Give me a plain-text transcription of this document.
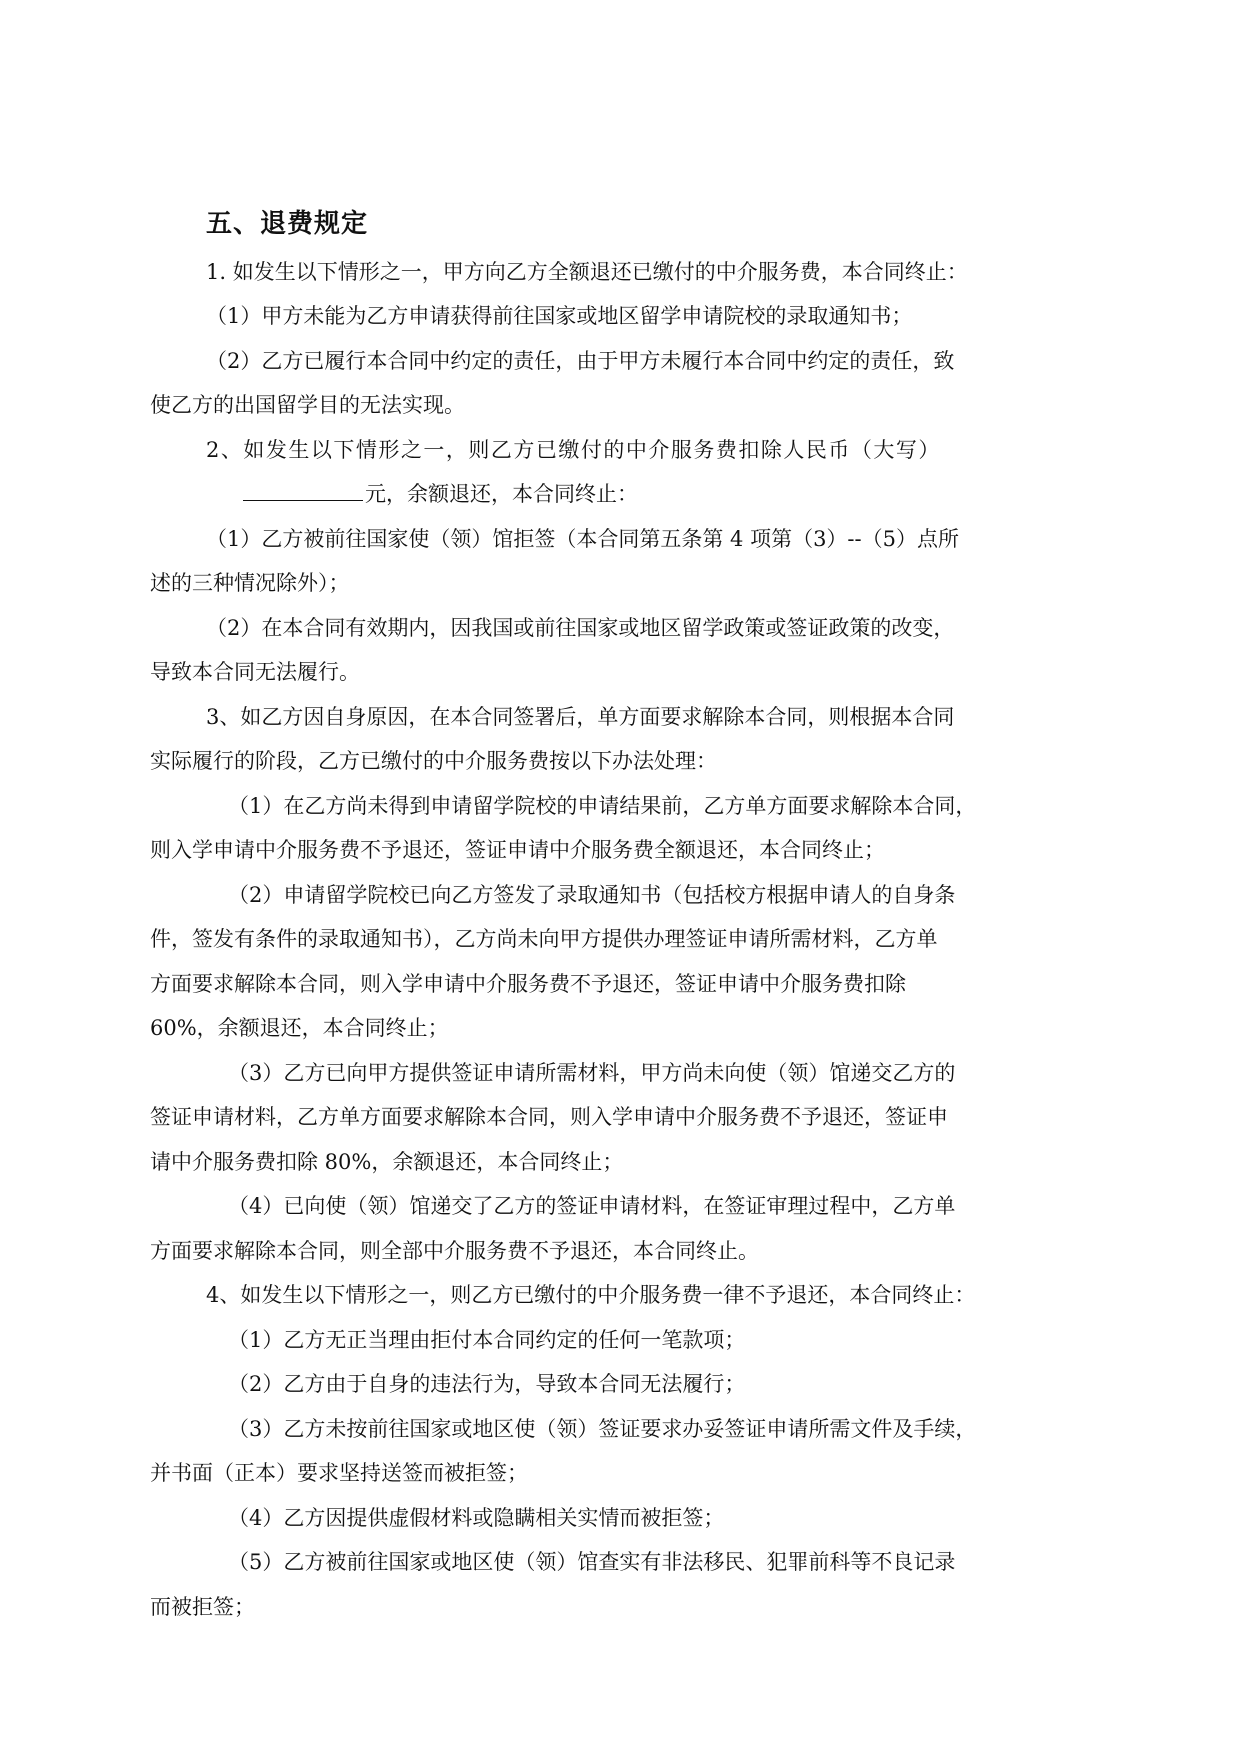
五、退费规定
1. 如发生以下情形之一，甲方向乙方全额退还已缴付的中介服务费，本合同终止：
（1）甲方未能为乙方申请获得前往国家或地区留学申请院校的录取通知书；
（2）乙方已履行本合同中约定的责任，由于甲方未履行本合同中约定的责任，致
使乙方的出国留学目的无法实现。
2、如发生以下情形之一，则乙方已缴付的中介服务费扣除人民币（大写）
元，余额退还，本合同终止：
（1）乙方被前往国家使（领）馆拒签（本合同第五条第 4 项第（3）--（5）点所
述的三种情况除外）；
（2）在本合同有效期内，因我国或前往国家或地区留学政策或签证政策的改变，
导致本合同无法履行。
3、如乙方因自身原因，在本合同签署后，单方面要求解除本合同，则根据本合同
实际履行的阶段，乙方已缴付的中介服务费按以下办法处理：
（1）在乙方尚未得到申请留学院校的申请结果前，乙方单方面要求解除本合同，
则入学申请中介服务费不予退还，签证申请中介服务费全额退还，本合同终止；
（2）申请留学院校已向乙方签发了录取通知书（包括校方根据申请人的自身条
件，签发有条件的录取通知书），乙方尚未向甲方提供办理签证申请所需材料，乙方单
方面要求解除本合同，则入学申请中介服务费不予退还，签证申请中介服务费扣除
60%，余额退还，本合同终止；
（3）乙方已向甲方提供签证申请所需材料，甲方尚未向使（领）馆递交乙方的
签证申请材料，乙方单方面要求解除本合同，则入学申请中介服务费不予退还，签证申
请中介服务费扣除 80%，余额退还，本合同终止；
（4）已向使（领）馆递交了乙方的签证申请材料，在签证审理过程中，乙方单
方面要求解除本合同，则全部中介服务费不予退还，本合同终止。
4、如发生以下情形之一，则乙方已缴付的中介服务费一律不予退还，本合同终止：
（1）乙方无正当理由拒付本合同约定的任何一笔款项；
（2）乙方由于自身的违法行为，导致本合同无法履行；
（3）乙方未按前往国家或地区使（领）签证要求办妥签证申请所需文件及手续，
并书面（正本）要求坚持送签而被拒签；
（4）乙方因提供虚假材料或隐瞒相关实情而被拒签；
（5）乙方被前往国家或地区使（领）馆查实有非法移民、犯罪前科等不良记录
而被拒签；
